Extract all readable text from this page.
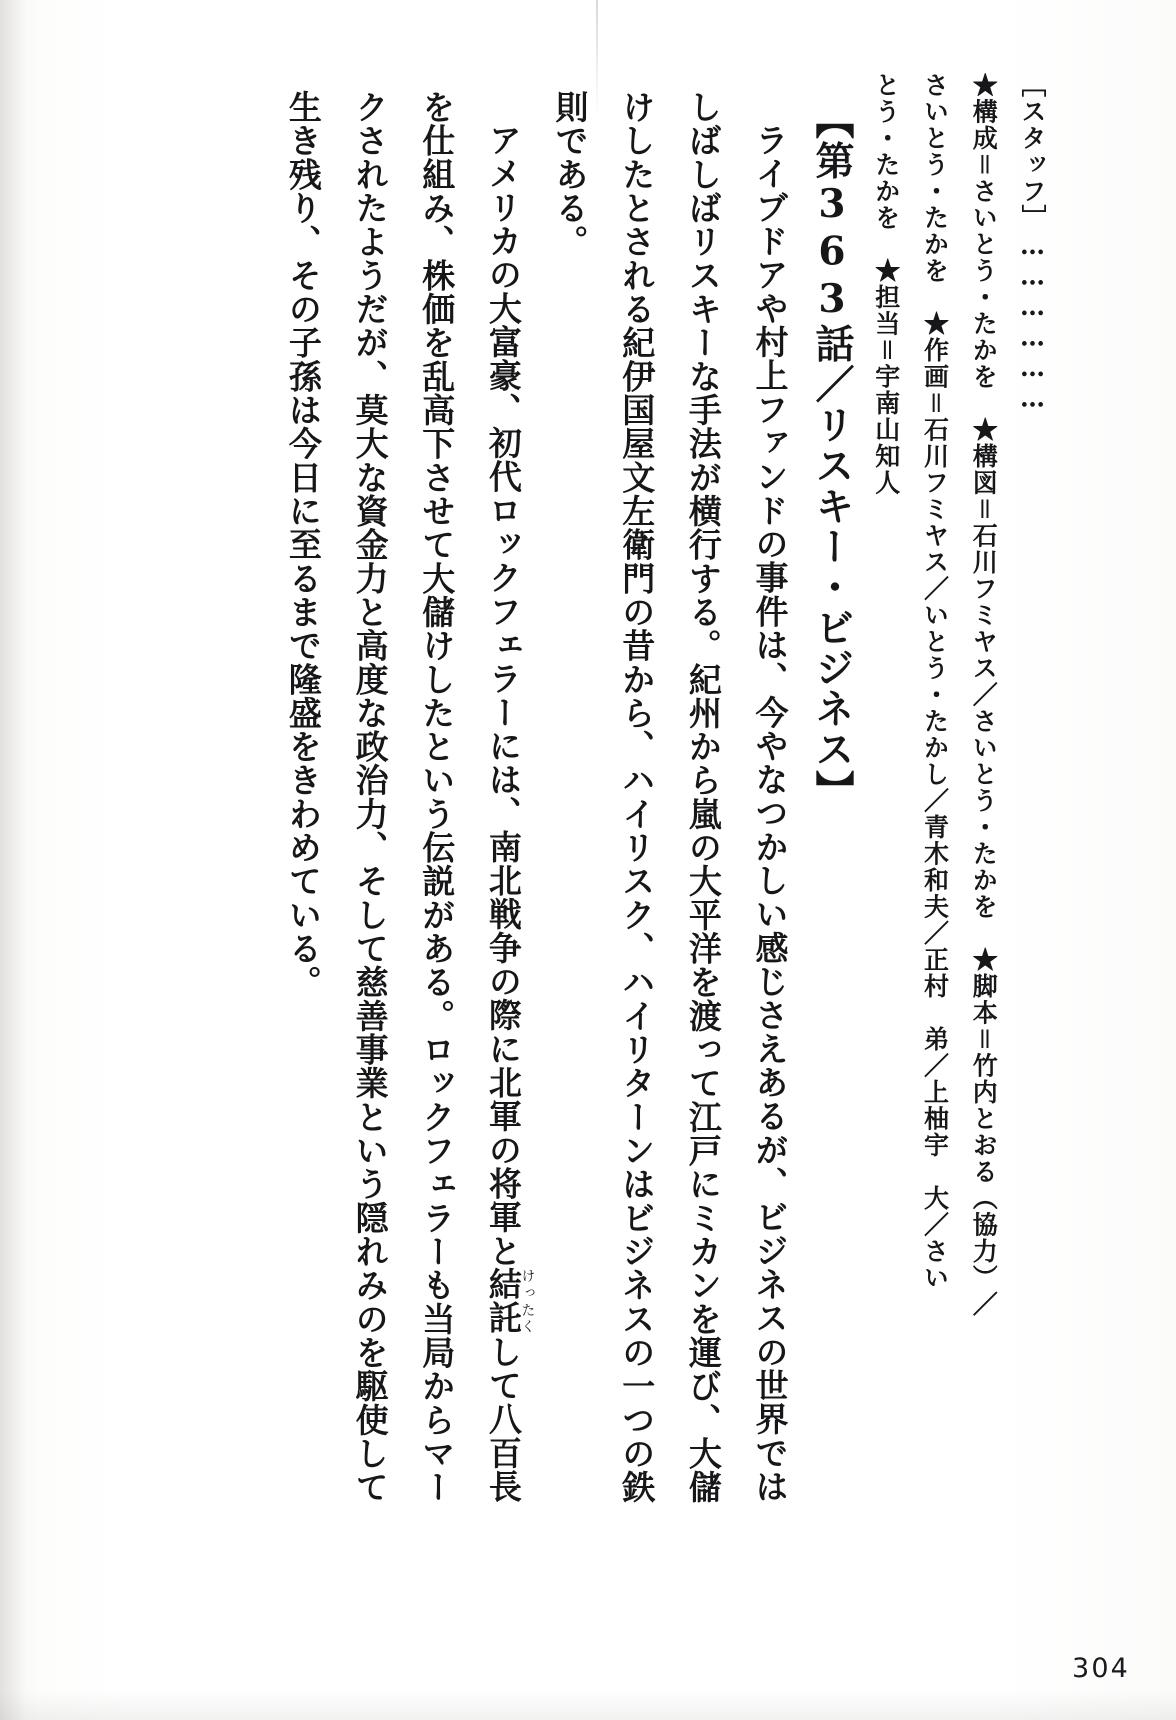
［スタッフ］………………
★構成＝さいとう・たかを　★構図＝石川フミヤス／さいとう・たかを　★脚本＝竹内とおる（協力）／
さいとう・たかを　★作画＝石川フミヤス／いとう・たかし／青木和夫／正村　弟／上柚宇　大／さい
とう・たかを　★担当＝宇南山知人
【第363話／リスキー・ビジネス】
ライブドアや村上ファンドの事件は、今やなつかしい感じさえあるが、ビジネスの世界ではしばしばリスキーな手法が横行する。紀州から嵐の大平洋を渡って江戸にミカンを運び、大儲けしたとされる紀伊国屋文左衛門の昔から、ハイリスク、ハイリターンはビジネスの一つの鉄則である。
アメリカの大富豪、初代ロックフェラーには、南北戦争の際に北軍の将軍と結託けったくして八百長を仕組み、株価を乱高下させて大儲けしたという伝説がある。ロックフェラーも当局からマークされたようだが、莫大な資金力と高度な政治力、そして慈善事業という隠れみのを駆使して生き残り、その子孫は今日に至るまで隆盛をきわめている。
304
